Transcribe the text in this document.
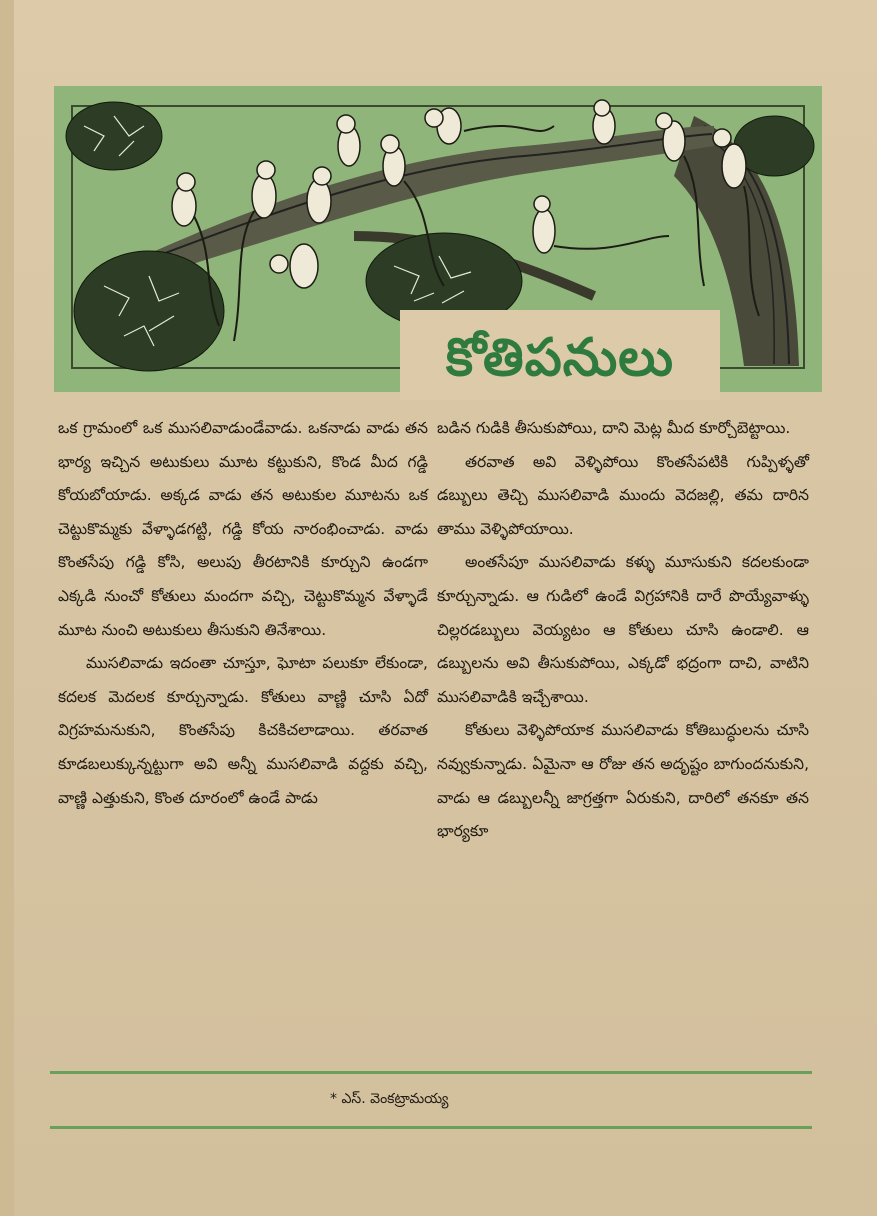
కోతిపనులు

ఒక గ్రామంలో ఒక ముసలివాడుండేవాడు. ఒకనాడు వాడు తన భార్య ఇచ్చిన అటుకులు మూట కట్టుకుని, కొండ మీద గడ్డి కోయబోయాడు. అక్కడ వాడు తన అటుకుల మూటను ఒక చెట్టుకొమ్మకు వేళ్ళాడగట్టి, గడ్డి కోయ నారంభించాడు. వాడు కొంతసేపు గడ్డి కోసి, అలుపు తీరటానికి కూర్చుని ఉండగా ఎక్కడి నుంచో కోతులు మందగా వచ్చి, చెట్టుకొమ్మన వేళ్ళాడే మూట నుంచి అటుకులు తీసుకుని తినేశాయి.

ముసలివాడు ఇదంతా చూస్తూ, ఘోటా పలుకూ లేకుండా, కదలక మెదలక కూర్చున్నాడు. కోతులు వాణ్ణి చూసి ఏదో విగ్రహమనుకుని, కొంతసేపు కిచకిచలాడాయి. తరవాత కూడబలుక్కున్నట్టుగా అవి అన్నీ ముసలివాడి వద్దకు వచ్చి, వాణ్ణి ఎత్తుకుని, కొంత దూరంలో ఉండే పాడు

బడిన గుడికి తీసుకుపోయి, దాని మెట్ల మీద కూర్చోబెట్టాయి.

తరవాత అవి వెళ్ళిపోయి కొంతసేపటికి గుప్పిళ్ళతో డబ్బులు తెచ్చి ముసలివాడి ముందు వెదజల్లి, తమ దారిన తాము వెళ్ళిపోయాయి.

అంతసేపూ ముసలివాడు కళ్ళు మూసుకుని కదలకుండా కూర్చున్నాడు. ఆ గుడిలో ఉండే విగ్రహానికి దారే పొయ్యేవాళ్ళు చిల్లరడబ్బులు వెయ్యటం ఆ కోతులు చూసి ఉండాలి. ఆ డబ్బులను అవి తీసుకుపోయి, ఎక్కడో భద్రంగా దాచి, వాటిని ముసలివాడికి ఇచ్చేశాయి.

కోతులు వెళ్ళిపోయాక ముసలివాడు కోతిబుద్ధులను చూసి నవ్వుకున్నాడు. ఏమైనా ఆ రోజు తన అదృష్టం బాగుందనుకుని, వాడు ఆ డబ్బులన్నీ జాగ్రత్తగా ఏరుకుని, దారిలో తనకూ తన భార్యకూ

* ఎస్. వెంకట్రామయ్య
